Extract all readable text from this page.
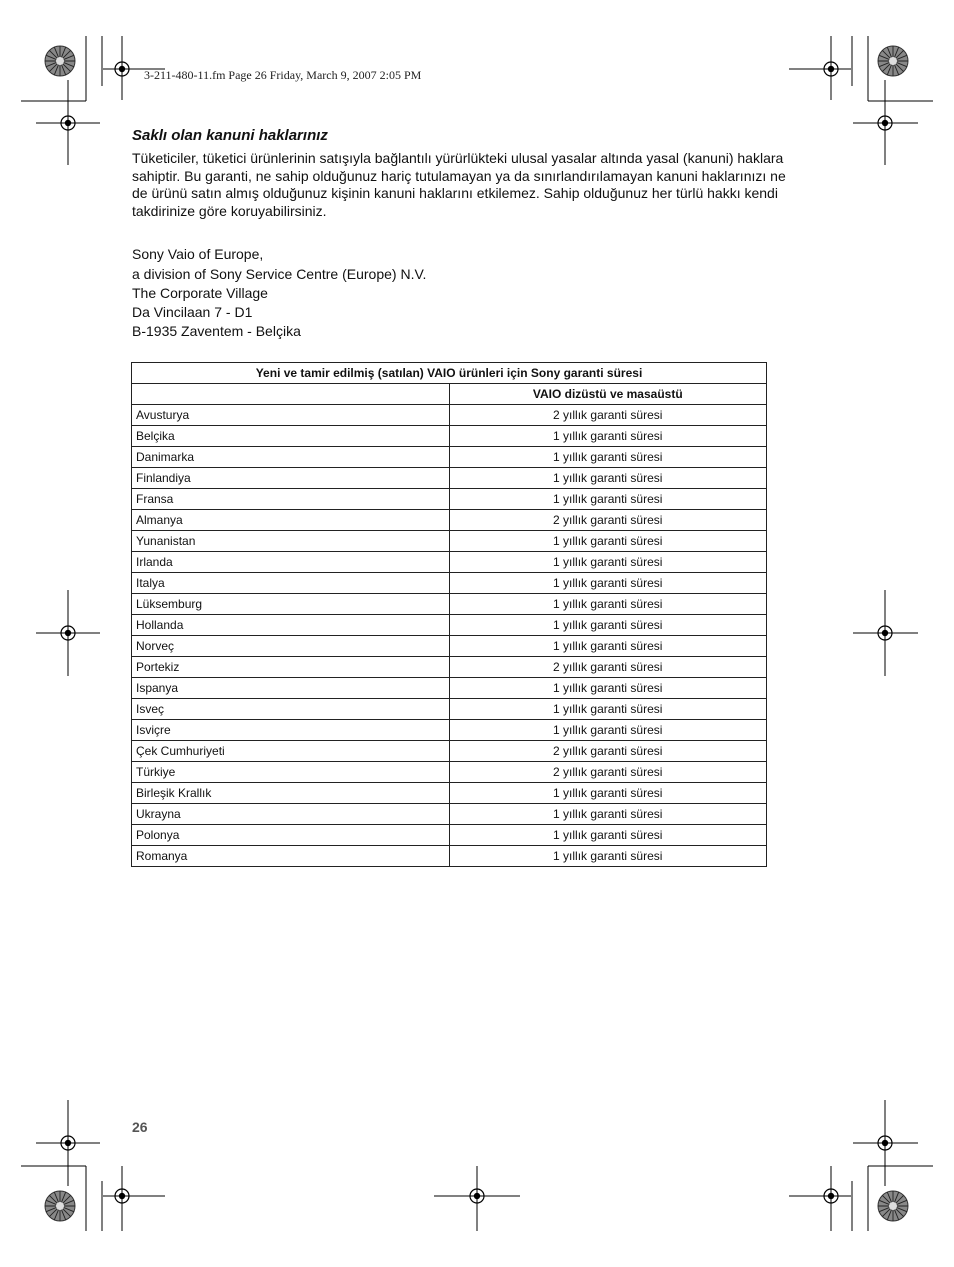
3-211-480-11.fm Page 26 Friday, March 9, 2007 2:05 PM
Saklı olan kanuni haklarınız
Tüketiciler, tüketici ürünlerinin satışıyla bağlantılı yürürlükteki ulusal yasalar altında yasal (kanuni) haklara
sahiptir. Bu garanti, ne sahip olduğunuz hariç tutulamayan ya da sınırlandırılamayan kanuni haklarınızı ne
de ürünü satın almış olduğunuz kişinin kanuni haklarını etkilemez. Sahip olduğunuz her türlü hakkı kendi
takdirinize göre koruyabilirsiniz.
Sony Vaio of Europe,
a division of Sony Service Centre (Europe) N.V.
The Corporate Village
Da Vincilaan 7 - D1
B-1935 Zaventem - Belçika
Yeni ve tamir edilmiş (satılan) VAIO ürünleri için Sony garanti süresi	
	VAIO dizüstü ve masaüstü
Avusturya	2 yıllık garanti süresi
Belçika	1 yıllık garanti süresi
Danimarka	1 yıllık garanti süresi
Finlandiya	1 yıllık garanti süresi
Fransa	1 yıllık garanti süresi
Almanya	2 yıllık garanti süresi
Yunanistan	1 yıllık garanti süresi
Irlanda	1 yıllık garanti süresi
Italya	1 yıllık garanti süresi
Lüksemburg	1 yıllık garanti süresi
Hollanda	1 yıllık garanti süresi
Norveç	1 yıllık garanti süresi
Portekiz	2 yıllık garanti süresi
Ispanya	1 yıllık garanti süresi
Isveç	1 yıllık garanti süresi
Isviçre	1 yıllık garanti süresi
Çek Cumhuriyeti	2 yıllık garanti süresi
Türkiye	2 yıllık garanti süresi
Birleşik Krallık	1 yıllık garanti süresi
Ukrayna	1 yıllık garanti süresi
Polonya	1 yıllık garanti süresi
Romanya	1 yıllık garanti süresi
26
